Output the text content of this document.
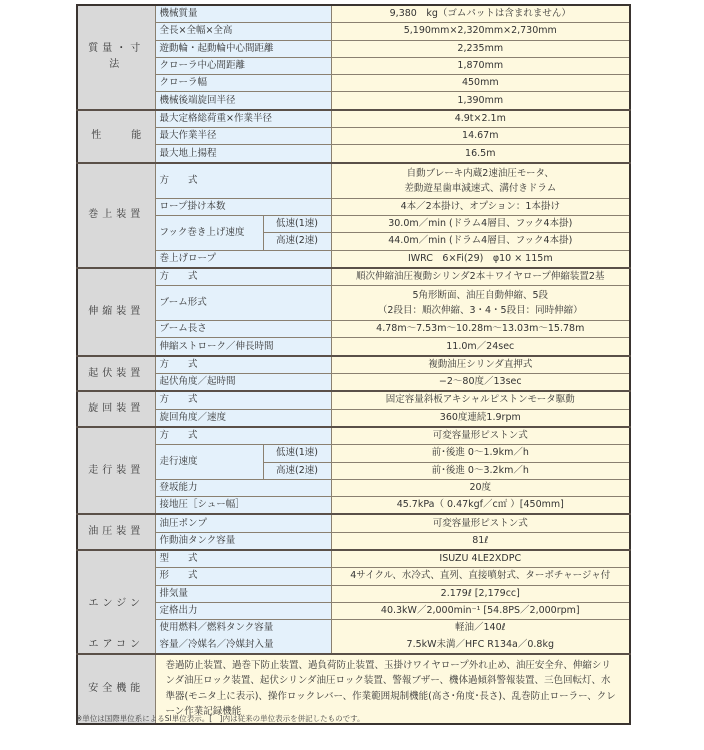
質量・寸法	機械質量		9,380　kg（ゴムパットは含まれません）
	全長×全幅×全高		5,190mm×2,320mm×2,730mm
	遊動輪・起動輪中心間距離		2,235mm
	クローラ中心間距離		1,870mm
	クローラ幅		450mm
	機械後端旋回半径		1,390mm
性　　　能	最大定格総荷重×作業半径		4.9t×2.1m
	最大作業半径		14.67m
	最大地上揚程		16.5m
巻上装置	方　　式		自動ブレーキ内蔵2速油圧モータ、
差動遊星歯車減速式、溝付きドラム
	ロープ掛け本数		4本／2本掛け、オプション：1本掛け
	フック巻き上げ速度	低速(1速)	30.0m／min (ドラム4層目、フック4本掛)
		高速(2速)	44.0m／min (ドラム4層目、フック4本掛)
	巻上げロープ		IWRC　6×Fi(29)　φ10 × 115m
伸縮装置	方　　式		順次伸縮油圧複動シリンダ2本＋ワイヤロープ伸縮装置2基
	ブーム形式		5角形断面、油圧自動伸縮、5段
（2段目：順次伸縮、3・4・5段目：同時伸縮）
	ブーム長さ		4.78m～7.53m～10.28m～13.03m～15.78m
	伸縮ストローク／伸長時間		11.0m／24sec
起伏装置	方　　式		複動油圧シリンダ直押式
	起伏角度／起時間		−2～80度／13sec
旋回装置	方　　式		固定容量斜板アキシャルピストンモータ駆動
	旋回角度／速度		360度連続1.9rpm
走行装置	方　　式		可変容量形ピストン式
	走行速度	低速(1速)	前･後進 0～1.9km／h
		高速(2速)	前･後進 0～3.2km／h
	登坂能力		20度
	接地圧［シュー幅］		45.7kPa（ 0.47kgf／c㎡ ）[450mm]
油圧装置	油圧ポンプ		可変容量形ピストン式
	作動油タンク容量		81ℓ
エンジン	型　　式		ISUZU 4LE2XDPC
	形　　式		4サイクル、水冷式、直列、直接噴射式、ターボチャージャ付
	排気量		2.179ℓ [2,179cc]
	定格出力		40.3kW／2,000min⁻¹ [54.8PS／2,000rpm]
エアコン	使用燃料／燃料タンク容量		軽油／140ℓ
	容量／冷媒名／冷媒封入量		7.5kW未満／HFC R134a／0.8kg
安全機能	巻過防止装置、過巻下防止装置、過負荷防止装置、玉掛けワイヤロープ外れ止め、油圧安全弁、伸縮シリンダ油圧ロック装置、起伏シリンダ油圧ロック装置、警報ブザー、機体過傾斜警報装置、三色回転灯、水準器(モニタ上に表示)、操作ロックレバー、作業範囲規制機能(高さ･角度･長さ)、乱巻防止ローラー、クレーン作業記録機能		
※単位は国際単位系によるSI単位表示。[　]内は従来の単位表示を併記したものです。
